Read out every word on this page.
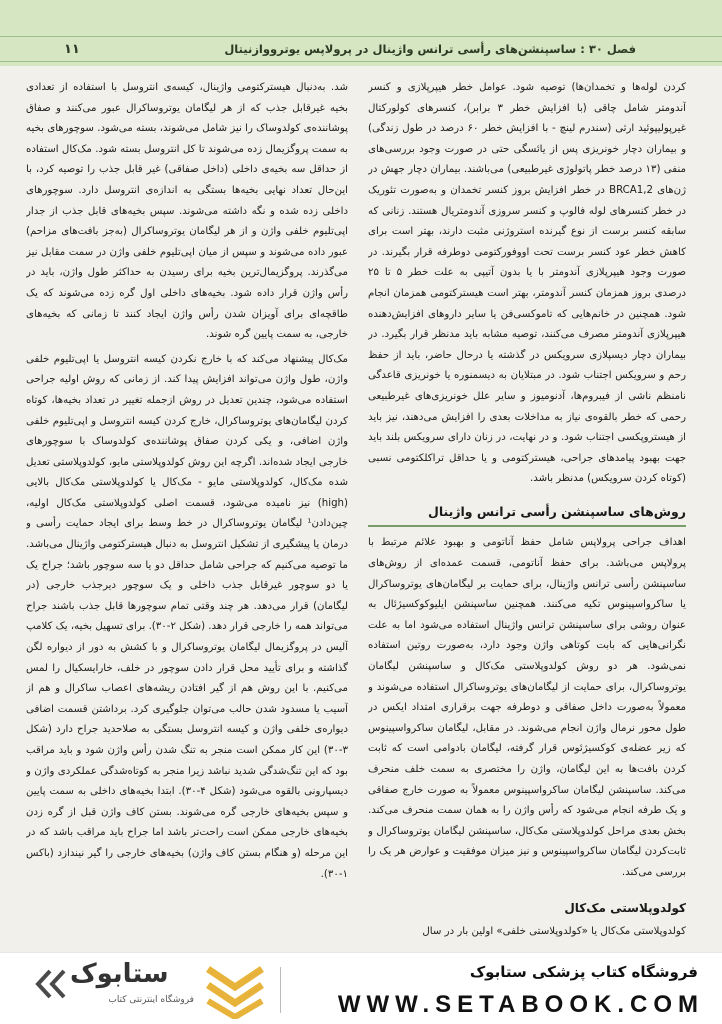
فصل ۳۰ : ساسپنشن‌های رأسی ترانس واژینال در پرولاپس یوترووازنیتال
۱۱

کردن لوله‌ها و تخمدان‌ها) توصیه شود. عوامل خطر هیپرپلازی و کنسر آندومتر شامل چاقی (با افزایش خطر ۳ برابر)، کنسرهای کولورکتال غیرپولیپوئید ارثی (سندرم لینچ - با افزایش خطر ۶۰ درصد در طول زندگی) و بیماران دچار خونریزی پس از یائسگی حتی در صورت وجود بررسی‌های منفی (۱۳ درصد خطر پاتولوژی غیرطبیعی) می‌باشند. بیماران دچار جهش در ژن‌های BRCA1,2 در خطر افزایش بروز کنسر تخمدان و به‌صورت تئوریک در خطر کنسرهای لوله فالوپ و کنسر سروزی آندومتریال هستند. زنانی که سابقه کنسر برست از نوع گیرنده استروژنی مثبت دارند، بهتر است برای کاهش خطر عود کنسر برست تحت اووفورکتومی دوطرفه قرار بگیرند. در صورت وجود هیپرپلازی آندومتر با یا بدون آتیپی به علت خطر ۵ تا ۲۵ درصدی بروز همزمان کنسر آندومتر، بهتر است هیسترکتومی همزمان انجام شود. همچنین در خانم‌هایی که تاموکسی‌فن یا سایر داروهای افزایش‌دهنده هیپرپلازی آندومتر مصرف می‌کنند، توصیه مشابه باید مدنظر قرار بگیرد. در بیماران دچار دیسپلازی سرویکس در گذشته یا درحال حاضر، باید از حفظ رحم و سرویکس اجتناب شود. در مبتلایان به دیسمنوره یا خونریزی قاعدگی نامنظم ناشی از فیبروم‌ها، آدنومیوز و سایر علل خونریزی‌های غیرطبیعی رحمی که خطر بالقوه‌ی نیاز به مداخلات بعدی را افزایش می‌دهند، نیز باید از هیستروپکسی اجتناب شود. و در نهایت، در زنان دارای سرویکس بلند باید جهت بهبود پیامدهای جراحی، هیسترکتومی و یا حداقل تراکلکتومی نسبی (کوتاه کردن سرویکس) مدنظر باشد.

روش‌های ساسپنشن رأسی ترانس واژینال

اهداف جراحی پرولاپس شامل حفظ آناتومی و بهبود علائم مرتبط با پرولاپس می‌باشد. برای حفظ آناتومی، قسمت عمده‌ای از روش‌های ساسپنشن رأسی ترانس واژینال، برای حمایت بر لیگامان‌های یوتروساکرال یا ساکرواسپینوس تکیه می‌کنند. همچنین ساسپنشن ایلیوکوکسیژئال به عنوان روشی برای ساسپنشن ترانس واژینال استفاده می‌شود اما به علت نگرانی‌هایی که بابت کوتاهی واژن وجود دارد، به‌صورت روتین استفاده نمی‌شود. هر دو روش کولدوپلاستی مک‌کال و ساسپنشن لیگامان یوتروساکرال، برای حمایت از لیگامان‌های یوتروساکرال استفاده می‌شوند و معمولاً به‌صورت داخل صفاقی و دوطرفه جهت برقراری امتداد ایکس در طول محور نرمال واژن انجام می‌شوند. در مقابل، لیگامان ساکرواسپینوس که زیر عضله‌ی کوکسیژئوس قرار گرفته، لیگامان بادوامی است که ثابت کردن بافت‌ها به این لیگامان، واژن را مختصری به سمت خلف منحرف می‌کند. ساسپنشن لیگامان ساکرواسپینوس معمولاً به صورت خارج صفاقی و یک طرفه انجام می‌شود که رأس واژن را به همان سمت منحرف می‌کند. بخش بعدی مراحل کولدوپلاستی مک‌کال، ساسپنشن لیگامان یوتروساکرال و ثابت‌کردن لیگامان ساکرواسپینوس و نیز میزان موفقیت و عوارض هر یک را بررسی می‌کند.

کولدوپلاستی مک‌کال

کولدوپلاستی مک‌کال یا «کولدوپلاستی خلفی» اولین بار در سال

شد. به‌دنبال هیسترکتومی واژینال، کیسه‌ی انتروسل با استفاده از تعدادی بخیه غیرقابل جذب که از هر لیگامان یوتروساکرال عبور می‌کنند و صفاق پوشاننده‌ی کولدوساک را نیز شامل می‌شوند، بسته می‌شود. سوچورهای بخیه به سمت پروگزیمال زده می‌شوند تا کل انتروسل بسته شود. مک‌کال استفاده از حداقل سه بخیه‌ی داخلی (داخل صفاقی) غیر قابل جذب را توصیه کرد، با این‌حال تعداد نهایی بخیه‌ها بستگی به اندازه‌ی انتروسل دارد. سوچورهای داخلی زده شده و نگه داشته می‌شوند. سپس بخیه‌های قابل جذب از جدار اپی‌تلیوم خلفی واژن و از هر لیگامان یوتروساکرال (به‌جز بافت‌های مزاحم) عبور داده می‌شوند و سپس از میان اپی‌تلیوم خلفی واژن در سمت مقابل نیز می‌گذرند. پروگزیمال‌ترین بخیه برای رسیدن به حداکثر طول واژن، باید در رأس واژن قرار داده شود. بخیه‌های داخلی اول گره زده می‌شوند که یک طاقچه‌ای برای آویزان شدن رأس واژن ایجاد کنند تا زمانی که بخیه‌های خارجی، به سمت پایین گره شوند.

مک‌کال پیشنهاد می‌کند که با خارج نکردن کیسه انتروسل یا اپی‌تلیوم خلفی واژن، طول واژن می‌تواند افزایش پیدا کند. از زمانی که روش اولیه جراحی استفاده می‌شود، چندین تعدیل در روش ازجمله تغییر در تعداد بخیه‌ها، کوتاه کردن لیگامان‌های یوتروساکرال، خارج کردن کیسه انتروسل و اپی‌تلیوم خلفی واژن اضافی، و یکی کردن صفاق پوشاننده‌ی کولدوساک با سوچورهای خارجی ایجاد شده‌اند. اگرچه این روش کولدوپلاستی مایو، کولدوپلاستی تعدیل شده مک‌کال، کولدوپلاستی مایو - مک‌کال یا کولدوپلاستی مک‌کال بالایی (high) نیز نامیده می‌شود، قسمت اصلی کولدوپلاستی مک‌کال اولیه، چین‌دادن¹ لیگامان یوتروساکرال در خط وسط برای ایجاد حمایت رأسی و درمان یا پیشگیری از تشکیل انتروسل به دنبال هیسترکتومی واژینال می‌باشد. ما توصیه می‌کنیم که جراحی شامل حداقل دو یا سه سوچور باشد؛ جراح یک یا دو سوچور غیرقابل جذب داخلی و یک سوچور دیرجذب خارجی (در لیگامان) قرار می‌دهد. هر چند وقتی تمام سوچورها قابل جذب باشند جراح می‌تواند همه را خارجی قرار دهد. (شکل ۲-۳۰). برای تسهیل بخیه، یک کلامپ آلیس در پروگزیمال لیگامان یوتروساکرال و با کشش به دور از دیواره لگن گذاشته و برای تأیید محل قرار دادن سوچور در خلف، خارایسکیال را لمس می‌کنیم. با این روش هم از گیر افتادن ریشه‌های اعصاب ساکرال و هم از آسیب یا مسدود شدن حالب می‌توان جلوگیری کرد. برداشتن قسمت اضافی دیواره‌ی خلفی واژن و کیسه انتروسل بستگی به صلاحدید جراح دارد (شکل ۳-۳۰) این کار ممکن است منجر به تنگ شدن رأس واژن شود و باید مراقب بود که این تنگ‌شدگی شدید نباشد زیرا منجر به کوتاه‌شدگی عملکردی واژن و دیسپارونی بالقوه می‌شود (شکل ۴-۳۰). ابتدا بخیه‌های داخلی به سمت پایین و سپس بخیه‌های خارجی گره می‌شوند. بستن کاف واژن قبل از گره زدن بخیه‌های خارجی ممکن است راحت‌تر باشد اما جراح باید مراقب باشد که در این مرحله (و هنگام بستن کاف واژن) بخیه‌های خارجی را گیر نیندازد (باکس ۱-۳۰).

ستابوک
فروشگاه اینترنتی کتاب
فروشگاه کتاب پزشکی ستابوک
WWW.SETABOOK.COM
